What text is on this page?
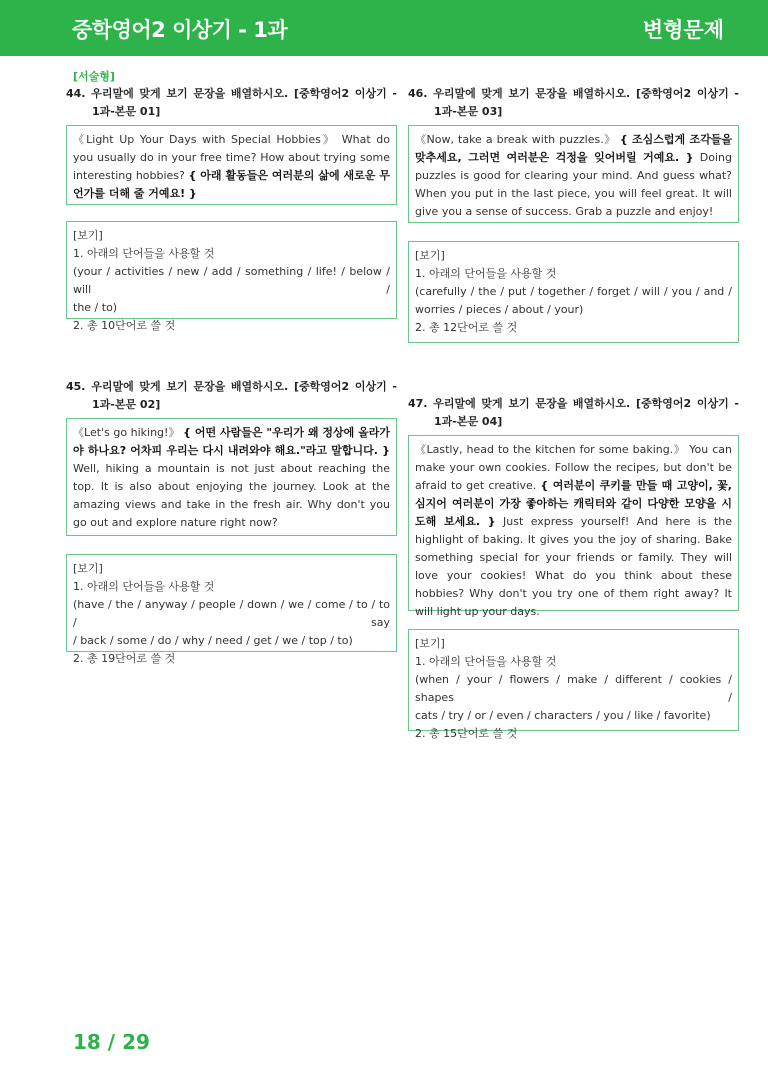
중학영어2 이상기 - 1과	변형문제
[서술형]
44. 우리말에 맞게 보기 문장을 배열하시오. [중학영어2 이상기 -
1과-본문 01]
《Light Up Your Days with Special Hobbies》 What do you usually do in your free time? How about trying some interesting hobbies? { 아래 활동들은 여러분의 삶에 새로운 무언가를 더해 줄 거예요! }
[보기]
1. 아래의 단어들을 사용할 것
(your / activities / new / add / something / life! / below / will /
the / to)
2. 총 10단어로 쓸 것
45. 우리말에 맞게 보기 문장을 배열하시오. [중학영어2 이상기 -
1과-본문 02]
《Let's go hiking!》 { 어떤 사람들은 "우리가 왜 정상에 올라가야 하나요? 어차피 우리는 다시 내려와야 해요."라고 말합니다. } Well, hiking a mountain is not just about reaching the top. It is also about enjoying the journey. Look at the amazing views and take in the fresh air. Why don't you go out and explore nature right now?
[보기]
1. 아래의 단어들을 사용할 것
(have / the / anyway / people / down / we / come / to / to / say
/ back / some / do / why / need / get / we / top / to)
2. 총 19단어로 쓸 것
46. 우리말에 맞게 보기 문장을 배열하시오. [중학영어2 이상기 -
1과-본문 03]
《Now, take a break with puzzles.》 { 조심스럽게 조각들을 맞추세요, 그러면 여러분은 걱정을 잊어버릴 거예요. } Doing puzzles is good for clearing your mind. And guess what? When you put in the last piece, you will feel great. It will give you a sense of success. Grab a puzzle and enjoy!
[보기]
1. 아래의 단어들을 사용할 것
(carefully / the / put / together / forget / will / you / and /
worries / pieces / about / your)
2. 총 12단어로 쓸 것
47. 우리말에 맞게 보기 문장을 배열하시오. [중학영어2 이상기 -
1과-본문 04]
《Lastly, head to the kitchen for some baking.》 You can make your own cookies. Follow the recipes, but don't be afraid to get creative. { 여러분이 쿠키를 만들 때 고양이, 꽃, 심지어 여러분이 가장 좋아하는 캐릭터와 같이 다양한 모양을 시도해 보세요. } Just express yourself! And here is the highlight of baking. It gives you the joy of sharing. Bake something special for your friends or family. They will love your cookies! What do you think about these hobbies? Why don't you try one of them right away? It will light up your days.
[보기]
1. 아래의 단어들을 사용할 것
(when / your / flowers / make / different / cookies / shapes /
cats / try / or / even / characters / you / like / favorite)
2. 총 15단어로 쓸 것
18 / 29
